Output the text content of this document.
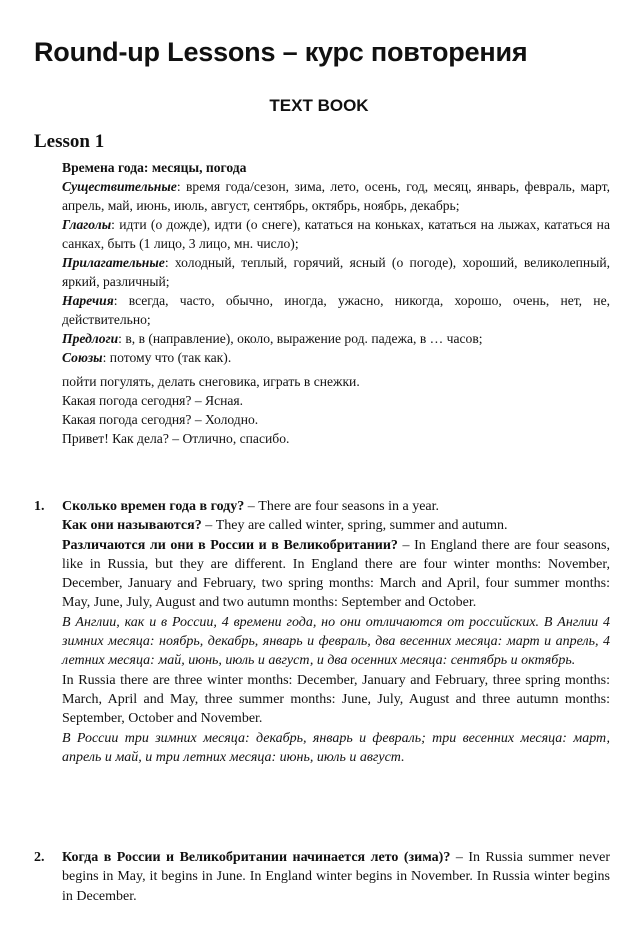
Round-up Lessons – курс повторения
TEXT BOOK
Lesson 1

Времена года: месяцы, погода

Существительные: время года/сезон, зима, лето, осень, год, месяц, январь, февраль, март, апрель, май, июнь, июль, август, сентябрь, октябрь, ноябрь, декабрь;

Глаголы: идти (о дожде), идти (о снеге), кататься на коньках, кататься на лыжах, кататься на санках, быть (1 лицо, 3 лицо, мн. число);

Прилагательные: холодный, теплый, горячий, ясный (о погоде), хороший, великолепный, яркий, различный;

Наречия: всегда, часто, обычно, иногда, ужасно, никогда, хорошо, очень, нет, не, действительно;

Предлоги: в, в (направление), около, выражение род. падежа, в … часов;

Союзы: потому что (так как).

пойти погулять, делать снеговика, играть в снежки.

Какая погода сегодня? – Ясная.

Какая погода сегодня? – Холодно.

Привет! Как дела? – Отлично, спасибо.

1.	Сколько времен года в году? – There are four seasons in a year.

Как они называются? – They are called winter, spring, summer and autumn.

Различаются ли они в России и в Великобритании? – In England there are four seasons, like in Russia, but they are different. In England there are four winter months: November, December, January and February, two spring months: March and April, four summer months: May, June, July, August and two autumn months: September and October.

В Англии, как и в России, 4 времени года, но они отличаются от российских. В Англии 4 зимних месяца: ноябрь, декабрь, январь и февраль, два весенних месяца: март и апрель, 4 летних месяца: май, июнь, июль и август, и два осенних месяца: сентябрь и октябрь.

In Russia there are three winter months: December, January and February, three spring months: March, April and May, three summer months: June, July, August and three autumn months: September, October and November.

В России три зимних месяца: декабрь, январь и февраль; три весенних месяца: март, апрель и май, и три летних месяца: июнь, июль и август.

2.	Когда в России и Великобритании начинается лето (зима)? – In Russia summer never begins in May, it begins in June. In England winter begins in November. In Russia winter begins in December.
